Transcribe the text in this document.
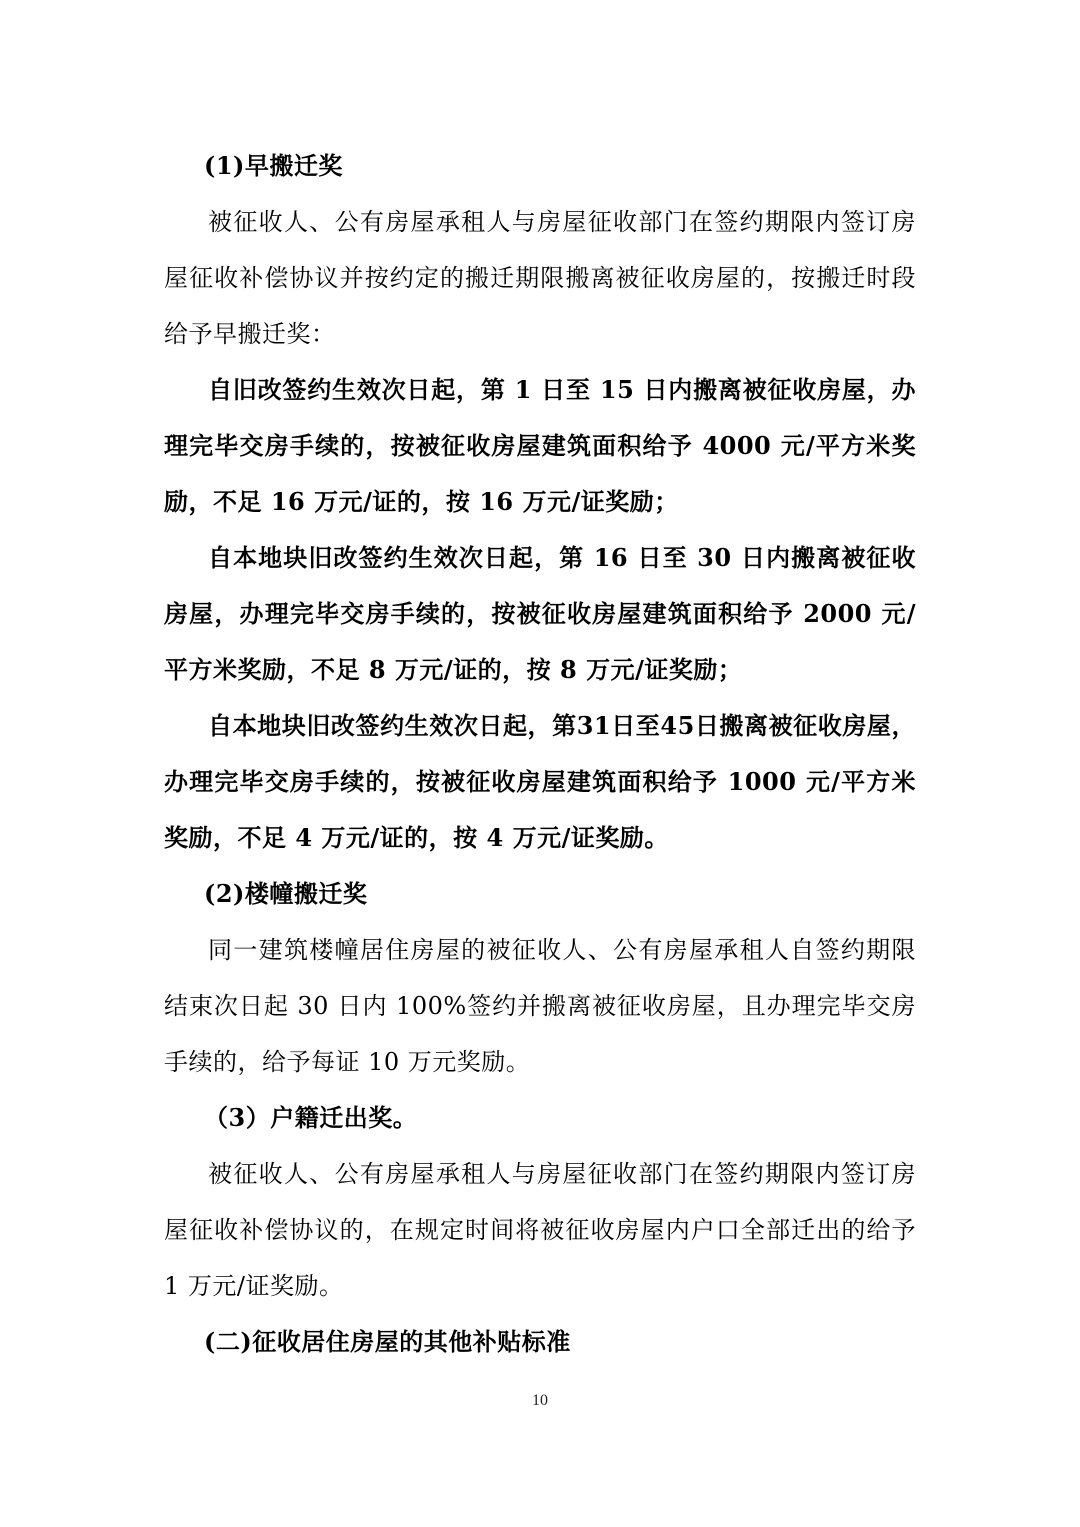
(1)早搬迁奖

被征收人、公有房屋承租人与房屋征收部门在签约期限内签订房屋征收补偿协议并按约定的搬迁期限搬离被征收房屋的，按搬迁时段给予早搬迁奖：

自旧改签约生效次日起，第 1 日至 15 日内搬离被征收房屋，办理完毕交房手续的，按被征收房屋建筑面积给予 4000 元/平方米奖励，不足 16 万元/证的，按 16 万元/证奖励；

自本地块旧改签约生效次日起，第 16 日至 30 日内搬离被征收房屋，办理完毕交房手续的，按被征收房屋建筑面积给予 2000 元/平方米奖励，不足 8 万元/证的，按 8 万元/证奖励；

自本地块旧改签约生效次日起，第31日至45日搬离被征收房屋，办理完毕交房手续的，按被征收房屋建筑面积给予 1000 元/平方米奖励，不足 4 万元/证的，按 4 万元/证奖励。

(2)楼幢搬迁奖

同一建筑楼幢居住房屋的被征收人、公有房屋承租人自签约期限结束次日起 30 日内 100%签约并搬离被征收房屋，且办理完毕交房手续的，给予每证 10 万元奖励。

（3）户籍迁出奖。

被征收人、公有房屋承租人与房屋征收部门在签约期限内签订房屋征收补偿协议的，在规定时间将被征收房屋内户口全部迁出的给予 1 万元/证奖励。

(二)征收居住房屋的其他补贴标准

10
